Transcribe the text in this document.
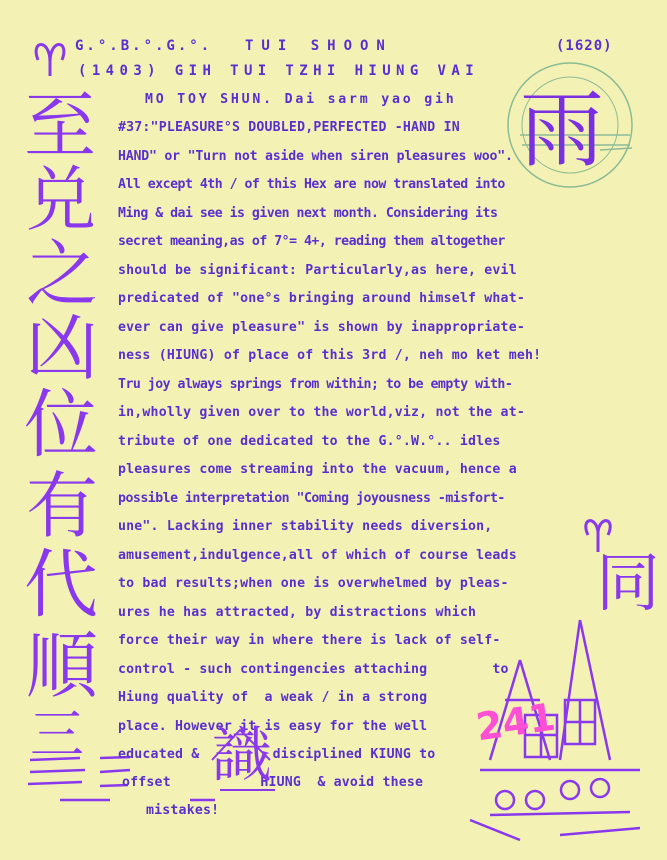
G.°.B.°.G.°. TUI SHOON	(1620)
(1403) GIH TUI TZHI HIUNG VAI
MO TOY SHUN. Dai sarm yao gih
#37:"PLEASURE°S DOUBLED,PERFECTED -HAND IN
HAND" or "Turn not aside when siren pleasures woo".
All except 4th / of this Hex are now translated into
Ming & dai see is given next month. Considering its
secret meaning,as of 7°= 4+, reading them altogether
should be significant: Particularly,as here, evil
predicated of "one°s bringing around himself what-
ever can give pleasure" is shown by inappropriate-
ness (HIUNG) of place of this 3rd /, neh mo ket meh!
Tru joy always springs from within; to be empty with-
in,wholly given over to the world,viz, not the at-
tribute of one dedicated to the G.°.W.°.. idles
pleasures come streaming into the vacuum, hence a
possible interpretation "Coming joyousness -misfort-
une". Lacking inner stability needs diversion,
amusement,indulgence,all of which of course leads
to bad results;when one is overwhelmed by pleas-
ures he has attracted, by distractions which
force their way in where there is lack of self-
control - such contingencies attaching        to
Hiung quality of  a weak / in a strong
place. However it is easy for the well
educated &         disciplined KIUNG to
offset           HIUNG  & avoid these
mistakes!
至
兑
之
凶
位
有
代
順
三
雨
同
識	241
